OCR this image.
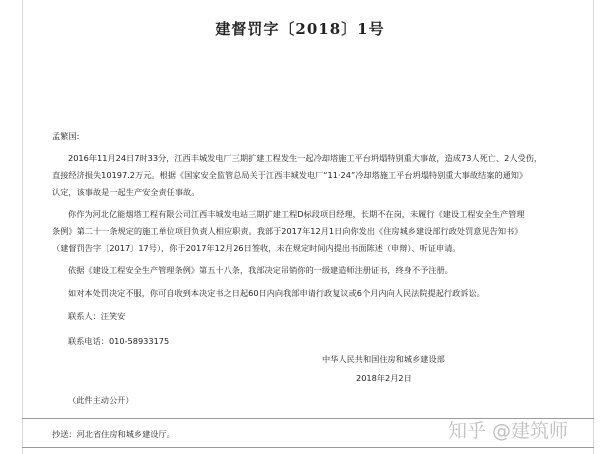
建督罚字〔2018〕1号

孟繁国:

2016年11月24日7时33分，江西丰城发电厂三期扩建工程发生一起冷却塔施工平台坍塌特别重大事故，造成73人死亡、2人受伤，

直接经济损失10197.2万元。根据《国家安全监管总局关于江西丰城发电厂“11·24”冷却塔施工平台坍塌特别重大事故结案的通知》

认定，该事故是一起生产安全责任事故。

你作为河北亿能烟塔工程有限公司江西丰城发电站三期扩建工程D标段项目经理，长期不在岗，未履行《建设工程安全生产管理

条例》第二十一条规定的施工单位项目负责人相应职责。我部于2017年12月1日向你发出《住房城乡建设部行政处罚意见告知书》

（建督罚告字〔2017〕17号），你于2017年12月26日签收，未在规定时间内提出书面陈述（申辩）、听证申请。

依据《建设工程安全生产管理条例》第五十八条，我部决定吊销你的一级建造师注册证书，终身不予注册。

如对本处罚决定不服，你可自收到本决定书之日起60日内向我部申请行政复议或6个月内向人民法院提起行政诉讼。

联系人：汪笑安

联系电话：010-58933175

中华人民共和国住房和城乡建设部
2018年2月2日

（此件主动公开）

抄送：河北省住房和城乡建设厅。	知乎 @建筑师
